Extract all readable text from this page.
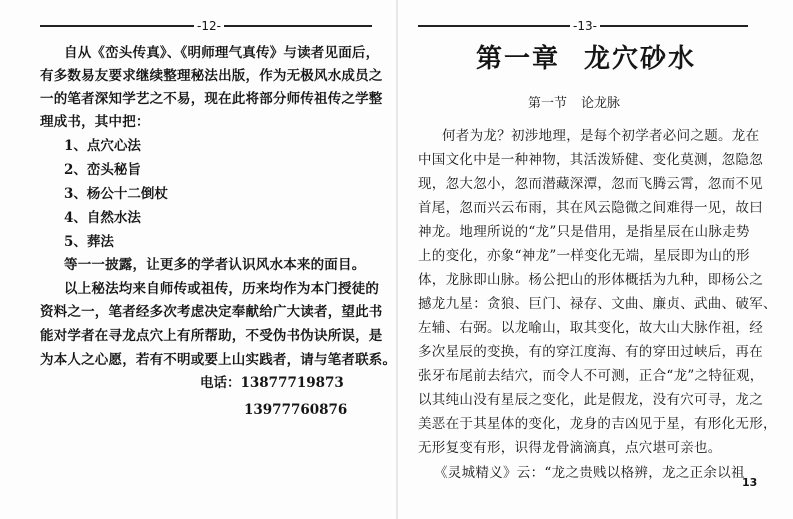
-12-
自从《峦头传真》、《明师理气真传》与读者见面后，
有多数易友要求继续整理秘法出版，作为无极风水成员之
一的笔者深知学艺之不易，现在此将部分师传祖传之学整
理成书，其中把：
1、点穴心法
2、峦头秘旨
3、杨公十二倒杖
4、自然水法
5、葬法
等一一披露，让更多的学者认识风水本来的面目。
以上秘法均来自师传或祖传，历来均作为本门授徒的
资料之一，笔者经多次考虑决定奉献给广大读者，望此书
能对学者在寻龙点穴上有所帮助，不受伪书伪诀所误，是
为本人之心愿，若有不明或要上山实践者，请与笔者联系。
电话：13877719873
13977760876
-13-
第一章 龙穴砂水
第一节 论龙脉
何者为龙？初涉地理，是每个初学者必问之题。龙在
中国文化中是一种神物，其活泼矫健、变化莫测，忽隐忽
现，忽大忽小，忽而潜藏深潭，忽而飞腾云霄，忽而不见
首尾，忽而兴云布雨，其在风云隐微之间难得一见，故曰
神龙。地理所说的“龙”只是借用，是指星辰在山脉走势
上的变化，亦象“神龙”一样变化无端，星辰即为山的形
体，龙脉即山脉。杨公把山的形体概括为九种，即杨公之
撼龙九星：贪狼、巨门、禄存、文曲、廉贞、武曲、破军、
左辅、右弼。以龙喻山，取其变化，故大山大脉作祖，经
多次星辰的变换，有的穿江度海、有的穿田过峡后，再在
张牙布尾前去结穴，而令人不可测，正合“龙”之特征观，
以其纯山没有星辰之变化，此是假龙，没有穴可寻，龙之
美恶在于其星体的变化，龙身的吉凶见于星，有形化无形，
无形复变有形，识得龙骨滴滴真，点穴堪可亲也。
《灵城精义》云：“龙之贵贱以格辨，龙之正余以祖
13
